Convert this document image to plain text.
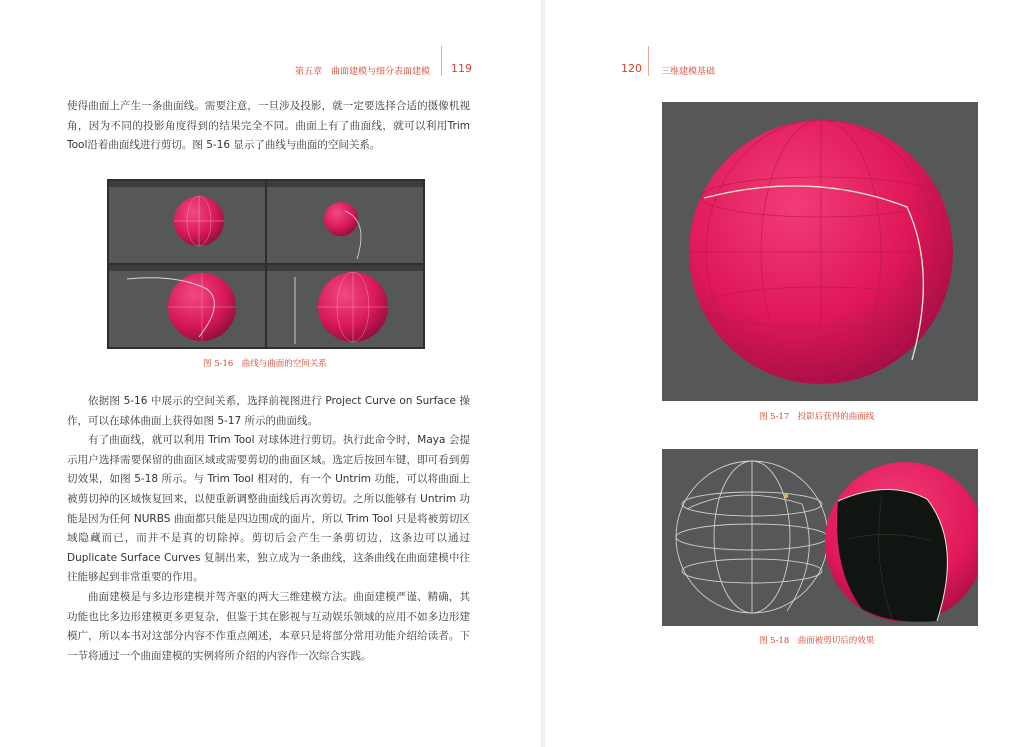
第五章　曲面建模与细分表面建模 119

使得曲面上产生一条曲面线。需要注意，一旦涉及投影，就一定要选择合适的摄像机视角，因为不同的投影角度得到的结果完全不同。曲面上有了曲面线，就可以利用Trim Tool沿着曲面线进行剪切。图 5-16 显示了曲线与曲面的空间关系。

图 5-16　曲线与曲面的空间关系

依据图 5-16 中展示的空间关系，选择前视图进行 Project Curve on Surface 操作，可以在球体曲面上获得如图 5-17 所示的曲面线。

有了曲面线，就可以利用 Trim Tool 对球体进行剪切。执行此命令时，Maya 会提示用户选择需要保留的曲面区域或需要剪切的曲面区域。选定后按回车键，即可看到剪切效果，如图 5-18 所示。与 Trim Tool 相对的，有一个 Untrim 功能，可以将曲面上被剪切掉的区域恢复回来，以便重新调整曲面线后再次剪切。之所以能够有 Untrim 功能是因为任何 NURBS 曲面都只能是四边围成的面片，所以 Trim Tool 只是将被剪切区域隐藏而已，而并不是真的切除掉。剪切后会产生一条剪切边，这条边可以通过Duplicate Surface Curves 复制出来，独立成为一条曲线，这条曲线在曲面建模中往往能够起到非常重要的作用。

曲面建模是与多边形建模并驾齐驱的两大三维建模方法。曲面建模严谨、精确，其功能也比多边形建模更多更复杂，但鉴于其在影视与互动娱乐领域的应用不如多边形建模广，所以本书对这部分内容不作重点阐述，本章只是将部分常用功能介绍给读者。下一节将通过一个曲面建模的实例将所介绍的内容作一次综合实践。

120 三维建模基础
图 5-17　投影后获得的曲面线
图 5-18　曲面被剪切后的效果
